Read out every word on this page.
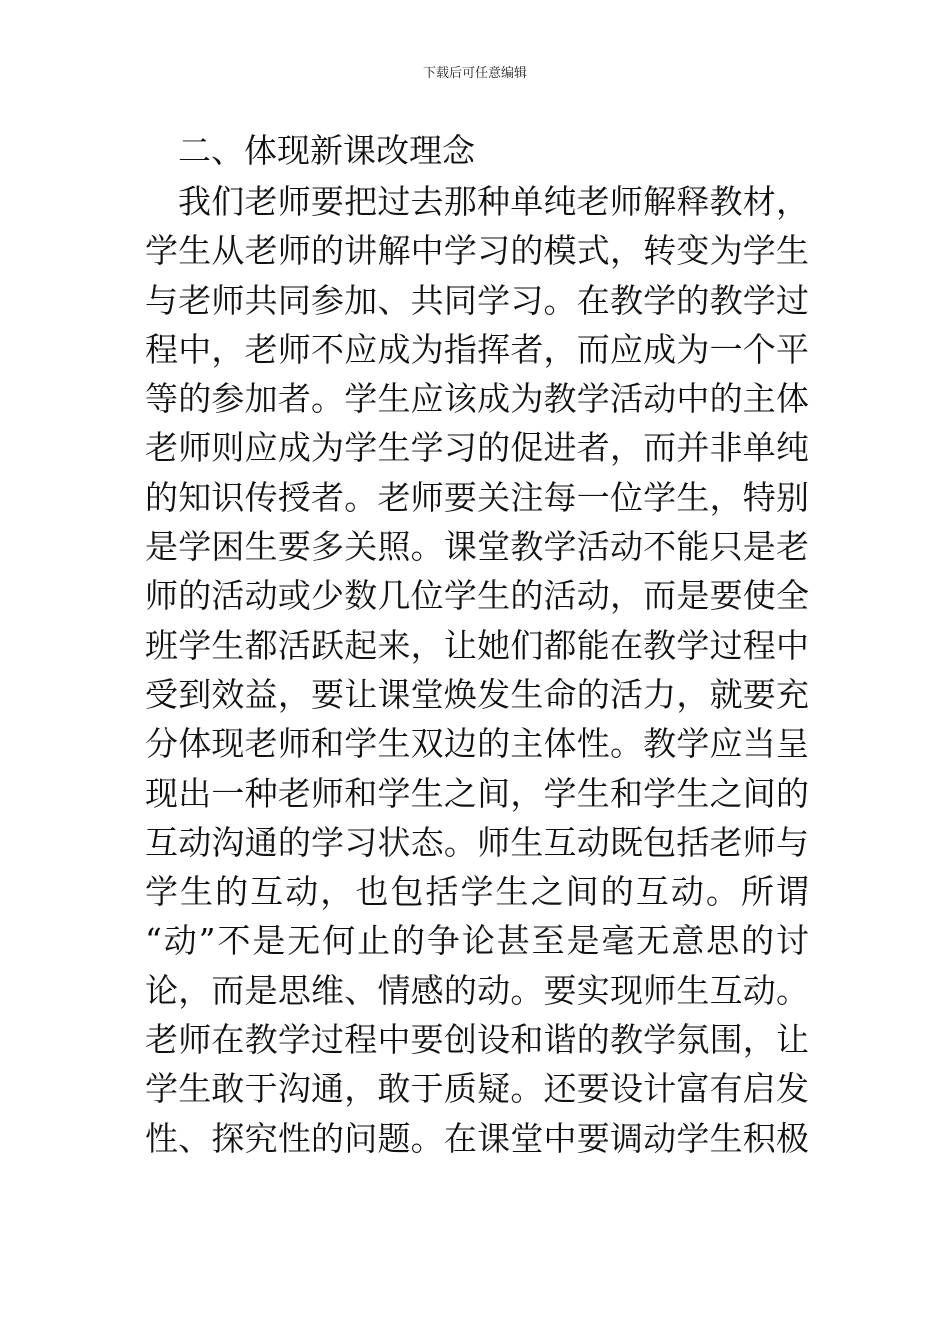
下载后可任意编辑
二、体现新课改理念
我们老师要把过去那种单纯老师解释教材，
学生从老师的讲解中学习的模式，转变为学生
与老师共同参加、共同学习。在教学的教学过
程中，老师不应成为指挥者，而应成为一个平
等的参加者。学生应该成为教学活动中的主体
老师则应成为学生学习的促进者，而并非单纯
的知识传授者。老师要关注每一位学生，特别
是学困生要多关照。课堂教学活动不能只是老
师的活动或少数几位学生的活动，而是要使全
班学生都活跃起来，让她们都能在教学过程中
受到效益，要让课堂焕发生命的活力，就要充
分体现老师和学生双边的主体性。教学应当呈
现出一种老师和学生之间，学生和学生之间的
互动沟通的学习状态。师生互动既包括老师与
学生的互动，也包括学生之间的互动。所谓
“动”不是无何止的争论甚至是毫无意思的讨
论，而是思维、情感的动。要实现师生互动。
老师在教学过程中要创设和谐的教学氛围，让
学生敢于沟通，敢于质疑。还要设计富有启发
性、探究性的问题。在课堂中要调动学生积极
